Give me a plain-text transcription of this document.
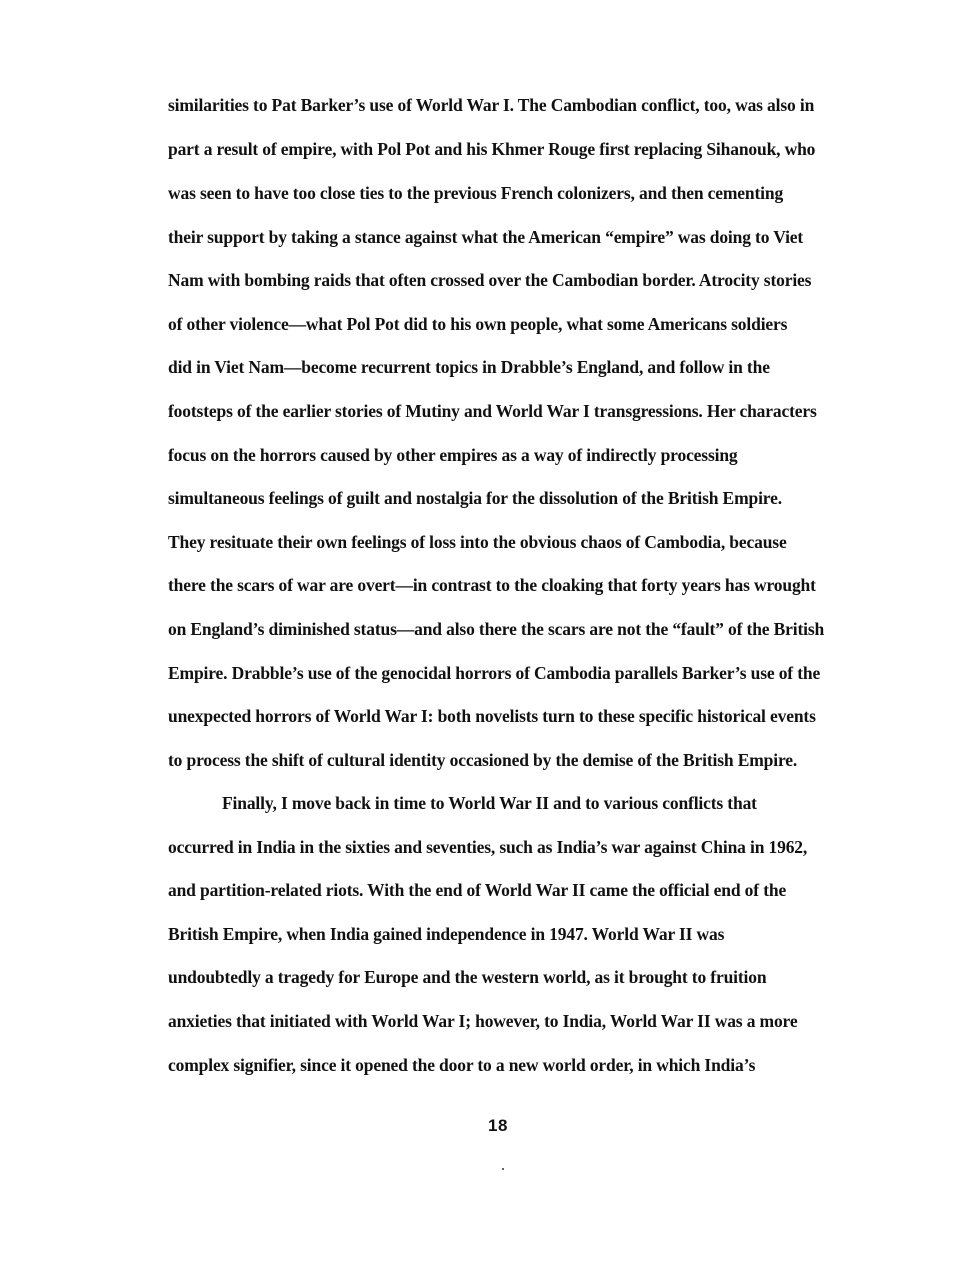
similarities to Pat Barker’s use of World War I. The Cambodian conflict, too, was also in
part a result of empire, with Pol Pot and his Khmer Rouge first replacing Sihanouk, who
was seen to have too close ties to the previous French colonizers, and then cementing
their support by taking a stance against what the American “empire” was doing to Viet
Nam with bombing raids that often crossed over the Cambodian border. Atrocity stories
of other violence—what Pol Pot did to his own people, what some Americans soldiers
did in Viet Nam—become recurrent topics in Drabble’s England, and follow in the
footsteps of the earlier stories of Mutiny and World War I transgressions. Her characters
focus on the horrors caused by other empires as a way of indirectly processing
simultaneous feelings of guilt and nostalgia for the dissolution of the British Empire.
They resituate their own feelings of loss into the obvious chaos of Cambodia, because
there the scars of war are overt—in contrast to the cloaking that forty years has wrought
on England’s diminished status—and also there the scars are not the “fault” of the British
Empire. Drabble’s use of the genocidal horrors of Cambodia parallels Barker’s use of the
unexpected horrors of World War I: both novelists turn to these specific historical events
to process the shift of cultural identity occasioned by the demise of the British Empire.
Finally, I move back in time to World War II and to various conflicts that
occurred in India in the sixties and seventies, such as India’s war against China in 1962,
and partition-related riots. With the end of World War II came the official end of the
British Empire, when India gained independence in 1947. World War II was
undoubtedly a tragedy for Europe and the western world, as it brought to fruition
anxieties that initiated with World War I; however, to India, World War II was a more
complex signifier, since it opened the door to a new world order, in which India’s
18
